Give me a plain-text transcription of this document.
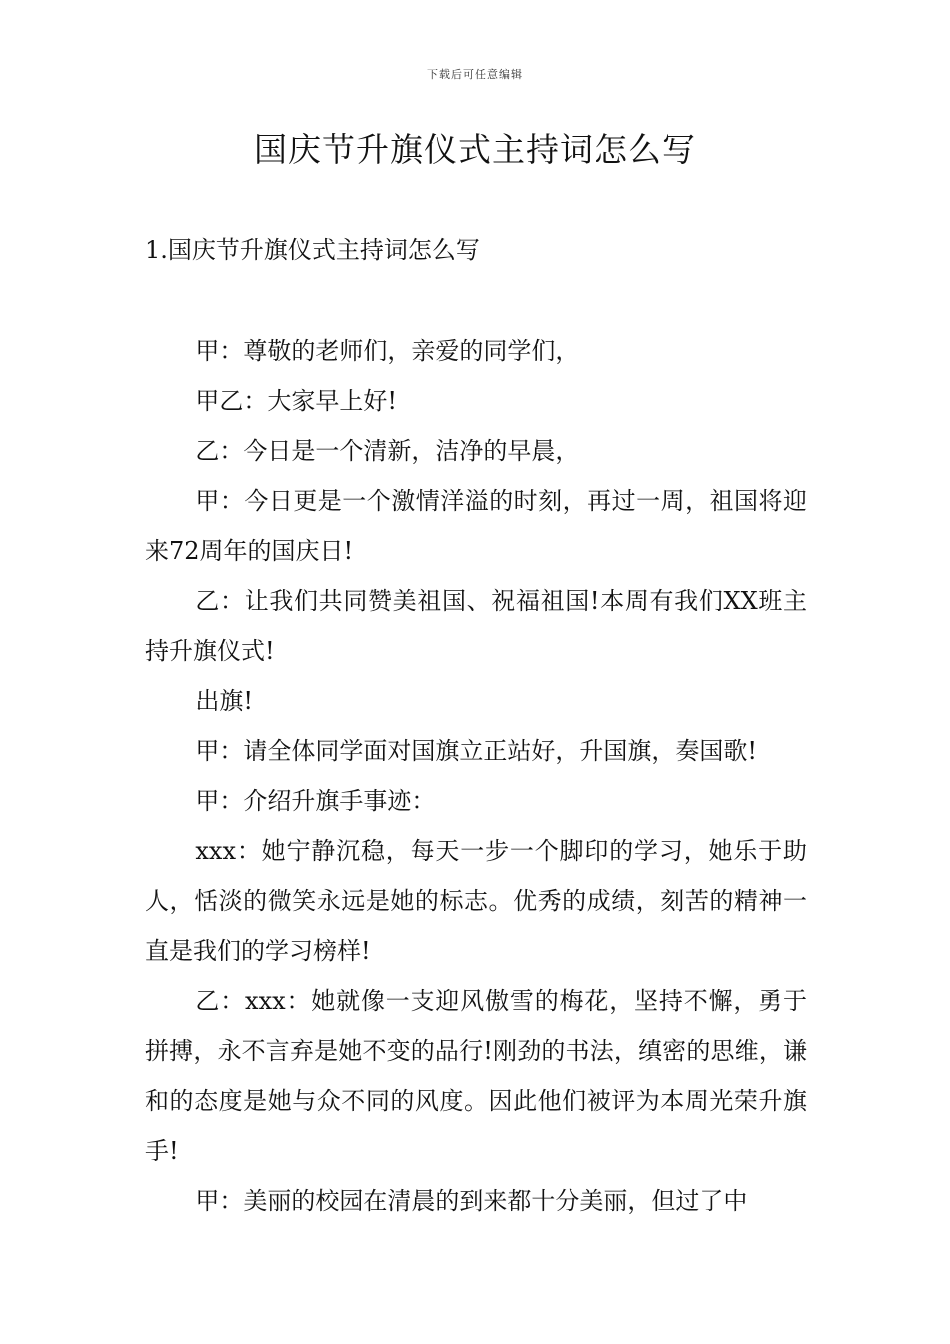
下载后可任意编辑
国庆节升旗仪式主持词怎么写
1.国庆节升旗仪式主持词怎么写

甲：尊敬的老师们，亲爱的同学们，

甲乙：大家早上好!

乙：今日是一个清新，洁净的早晨，

甲：今日更是一个激情洋溢的时刻，再过一周，祖国将迎来72周年的国庆日!

乙：让我们共同赞美祖国、祝福祖国!本周有我们XX班主持升旗仪式!

出旗!

甲：请全体同学面对国旗立正站好，升国旗，奏国歌!

甲：介绍升旗手事迹：

xxx：她宁静沉稳，每天一步一个脚印的学习，她乐于助人，恬淡的微笑永远是她的标志。优秀的成绩，刻苦的精神一直是我们的学习榜样!

乙：xxx：她就像一支迎风傲雪的梅花，坚持不懈，勇于拼搏，永不言弃是她不变的品行!刚劲的书法，缜密的思维，谦和的态度是她与众不同的风度。因此他们被评为本周光荣升旗手!

甲：美丽的校园在清晨的到来都十分美丽，但过了中
